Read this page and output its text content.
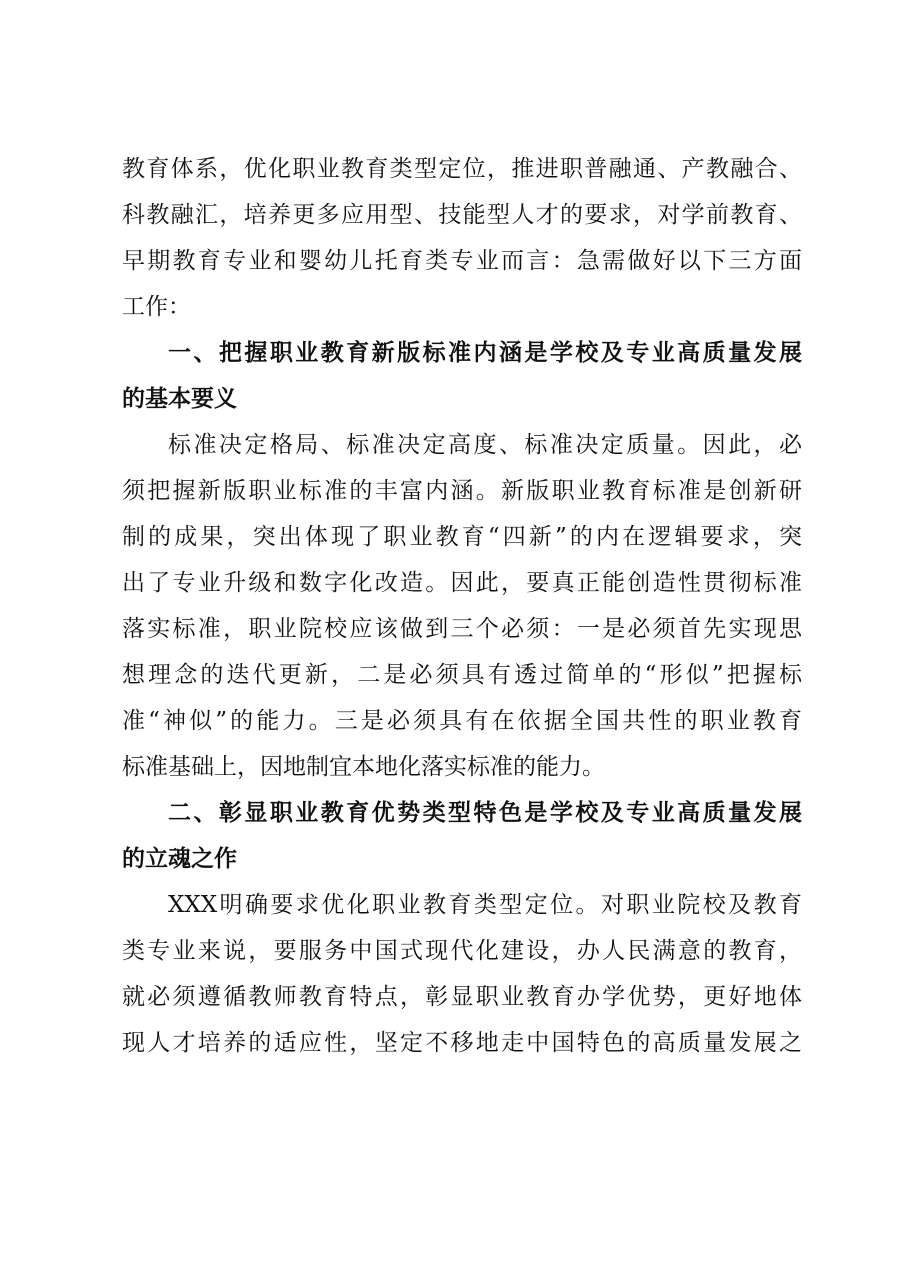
教育体系，优化职业教育类型定位，推进职普融通、产教融合、
科教融汇，培养更多应用型、技能型人才的要求，对学前教育、
早期教育专业和婴幼儿托育类专业而言：急需做好以下三方面
工作：
一、把握职业教育新版标准内涵是学校及专业高质量发展
的基本要义
标准决定格局、标准决定高度、标准决定质量。因此，必
须把握新版职业标准的丰富内涵。新版职业教育标准是创新研
制的成果，突出体现了职业教育“四新”的内在逻辑要求，突
出了专业升级和数字化改造。因此，要真正能创造性贯彻标准
落实标准，职业院校应该做到三个必须：一是必须首先实现思
想理念的迭代更新，二是必须具有透过简单的“形似”把握标
准“神似”的能力。三是必须具有在依据全国共性的职业教育
标准基础上，因地制宜本地化落实标准的能力。
二、彰显职业教育优势类型特色是学校及专业高质量发展
的立魂之作
XXX明确要求优化职业教育类型定位。对职业院校及教育
类专业来说，要服务中国式现代化建设，办人民满意的教育，
就必须遵循教师教育特点，彰显职业教育办学优势，更好地体
现人才培养的适应性，坚定不移地走中国特色的高质量发展之
